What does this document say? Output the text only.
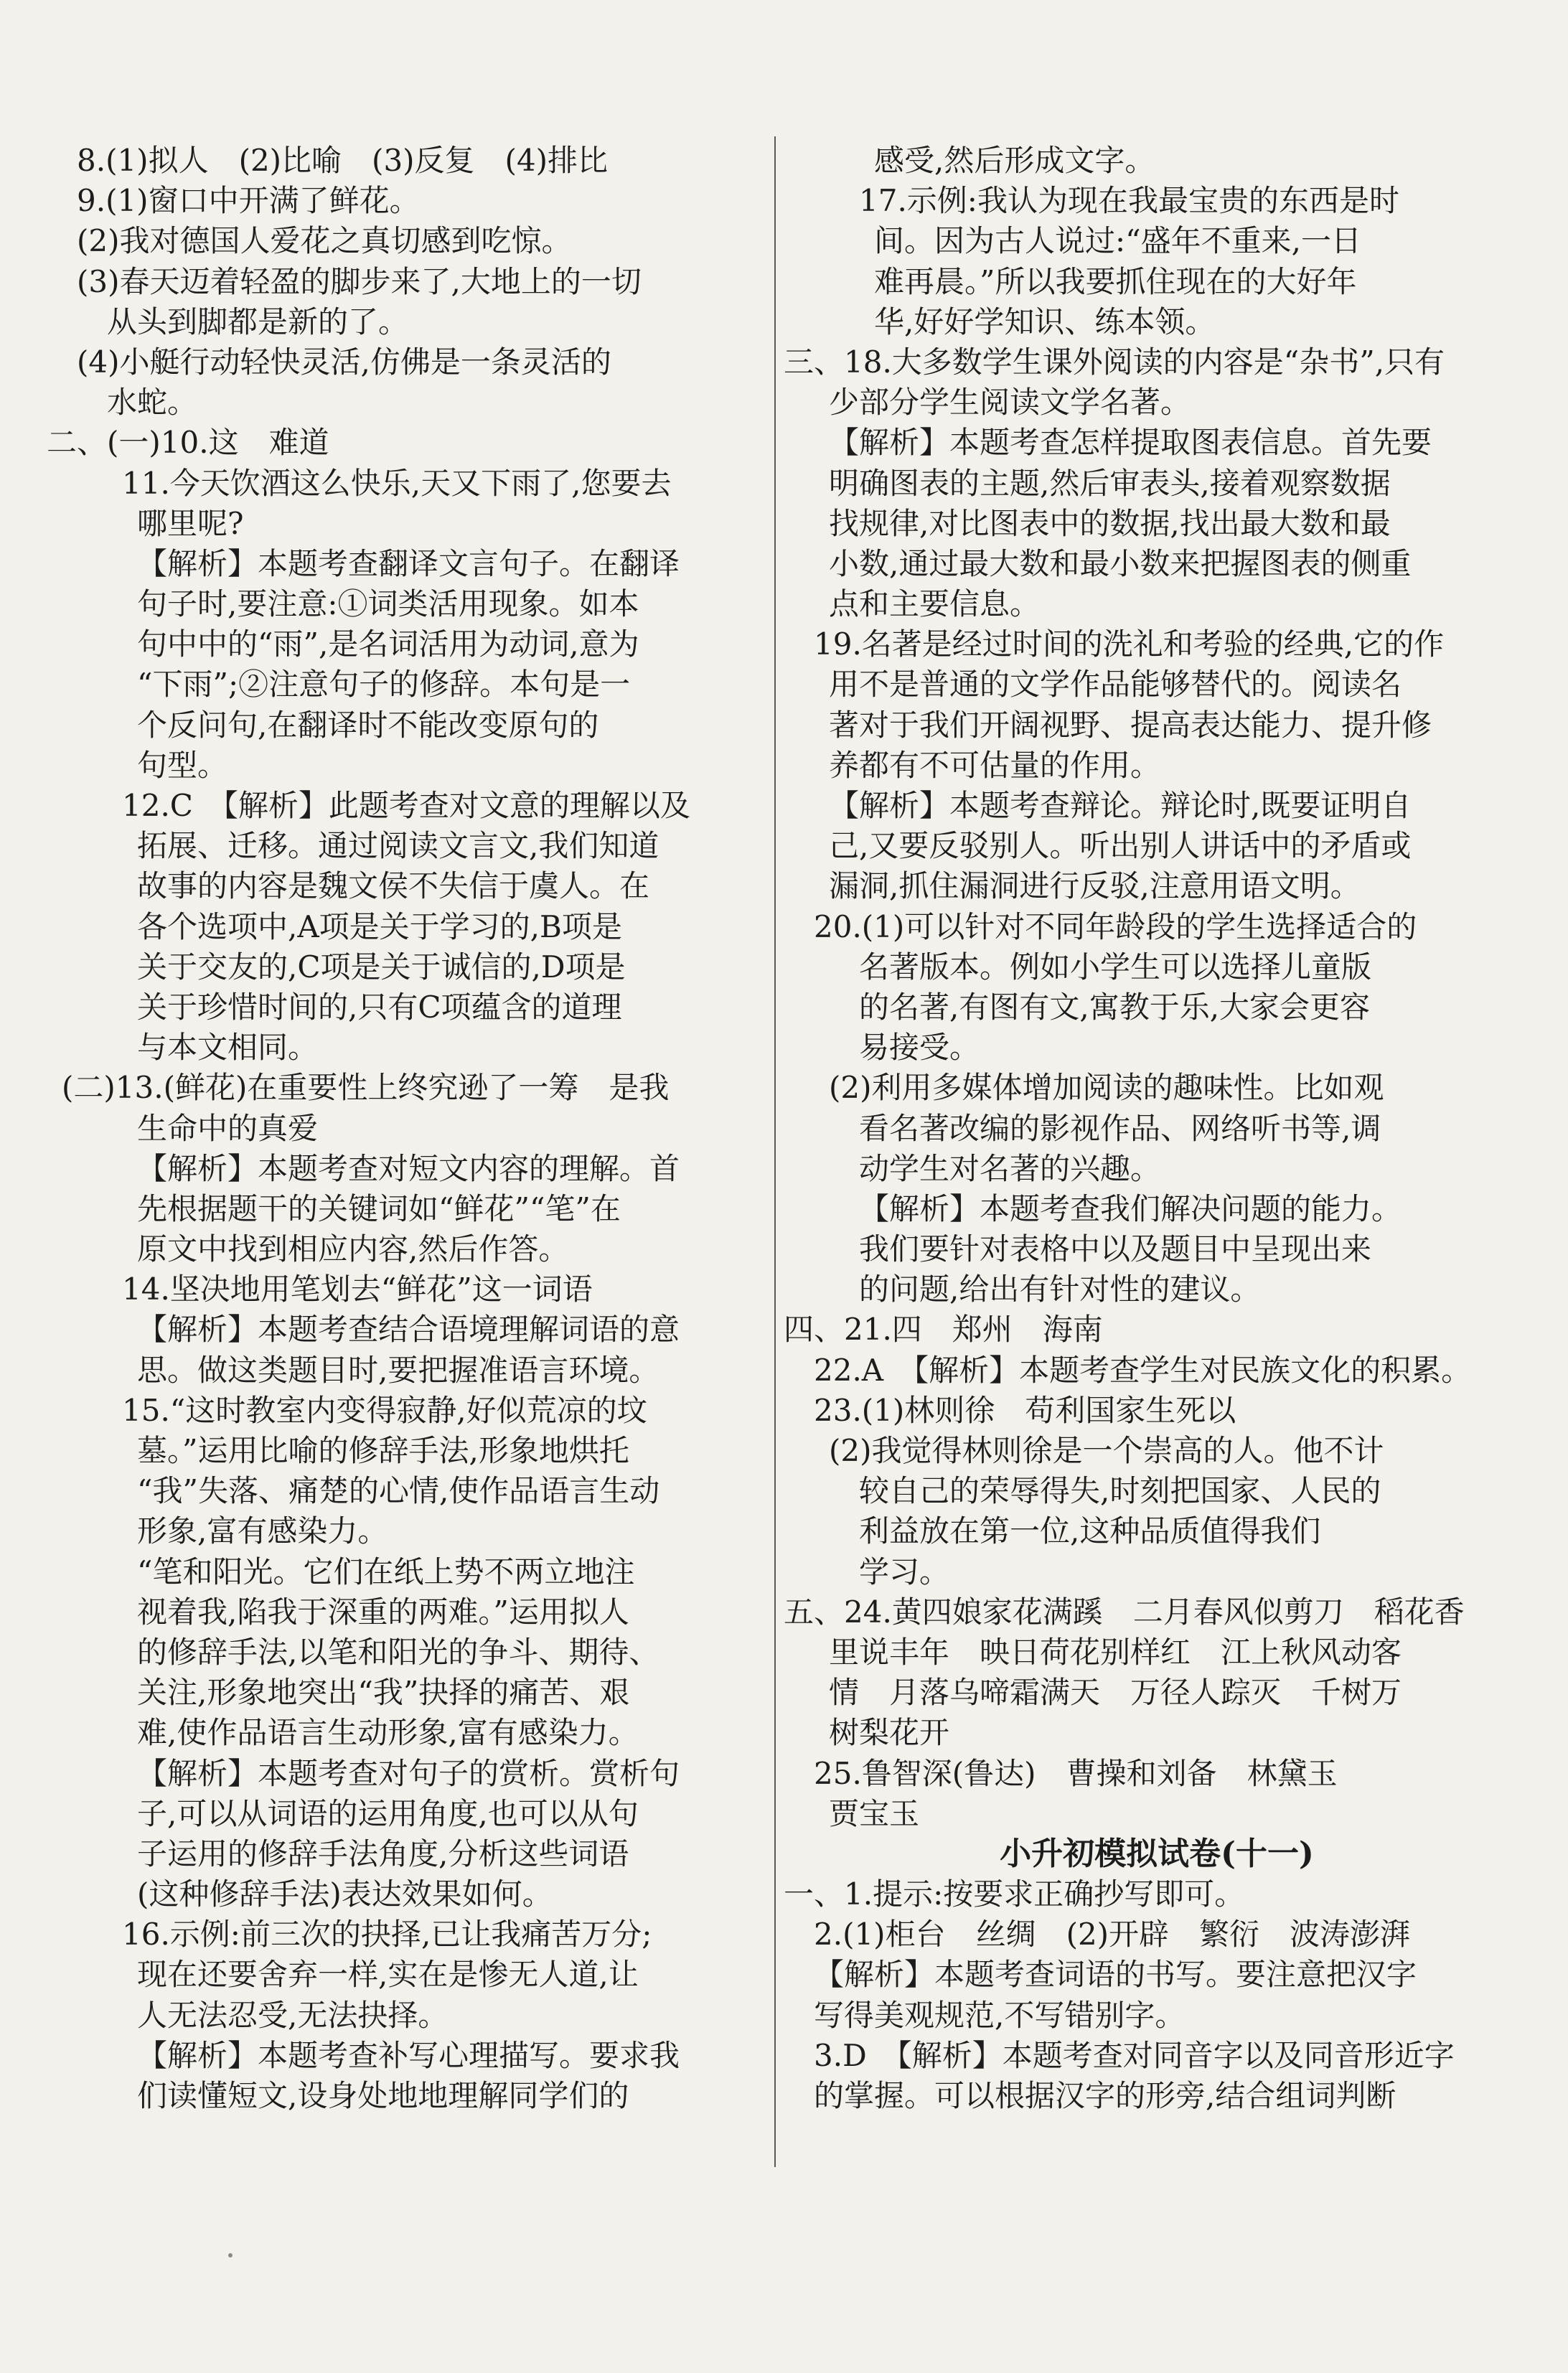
　8.(1)拟人　(2)比喻　(3)反复　(4)排比
　9.(1)窗口中开满了鲜花。
(2)我对德国人爱花之真切感到吃惊。
(3)春天迈着轻盈的脚步来了,大地上的一切
从头到脚都是新的了。
(4)小艇行动轻快灵活,仿佛是一条灵活的
水蛇。
二、(一)10.这　难道
11.今天饮酒这么快乐,天又下雨了,您要去
哪里呢?
【解析】本题考查翻译文言句子。在翻译
句子时,要注意:①词类活用现象。如本
句中中的“雨”,是名词活用为动词,意为
“下雨”;②注意句子的修辞。本句是一
个反问句,在翻译时不能改变原句的
句型。
12.C　【解析】此题考查对文意的理解以及
拓展、迁移。通过阅读文言文,我们知道
故事的内容是魏文侯不失信于虞人。在
各个选项中,A项是关于学习的,B项是
关于交友的,C项是关于诚信的,D项是
关于珍惜时间的,只有C项蕴含的道理
与本文相同。
(二)13.(鲜花)在重要性上终究逊了一筹　是我
生命中的真爱
【解析】本题考查对短文内容的理解。首
先根据题干的关键词如“鲜花”“笔”在
原文中找到相应内容,然后作答。
14.坚决地用笔划去“鲜花”这一词语
【解析】本题考查结合语境理解词语的意
思。做这类题目时,要把握准语言环境。
15.“这时教室内变得寂静,好似荒凉的坟
墓。”运用比喻的修辞手法,形象地烘托
“我”失落、痛楚的心情,使作品语言生动
形象,富有感染力。
“笔和阳光。它们在纸上势不两立地注
视着我,陷我于深重的两难。”运用拟人
的修辞手法,以笔和阳光的争斗、期待、
关注,形象地突出“我”抉择的痛苦、艰
难,使作品语言生动形象,富有感染力。
【解析】本题考查对句子的赏析。赏析句
子,可以从词语的运用角度,也可以从句
子运用的修辞手法角度,分析这些词语
(这种修辞手法)表达效果如何。
16.示例:前三次的抉择,已让我痛苦万分;
现在还要舍弃一样,实在是惨无人道,让
人无法忍受,无法抉择。
【解析】本题考查补写心理描写。要求我
们读懂短文,设身处地地理解同学们的
感受,然后形成文字。
17.示例:我认为现在我最宝贵的东西是时
间。因为古人说过:“盛年不重来,一日
难再晨。”所以我要抓住现在的大好年
华,好好学知识、练本领。
三、18.大多数学生课外阅读的内容是“杂书”,只有
少部分学生阅读文学名著。
【解析】本题考查怎样提取图表信息。首先要
明确图表的主题,然后审表头,接着观察数据
找规律,对比图表中的数据,找出最大数和最
小数,通过最大数和最小数来把握图表的侧重
点和主要信息。
19.名著是经过时间的洗礼和考验的经典,它的作
用不是普通的文学作品能够替代的。阅读名
著对于我们开阔视野、提高表达能力、提升修
养都有不可估量的作用。
【解析】本题考查辩论。辩论时,既要证明自
己,又要反驳别人。听出别人讲话中的矛盾或
漏洞,抓住漏洞进行反驳,注意用语文明。
20.(1)可以针对不同年龄段的学生选择适合的
名著版本。例如小学生可以选择儿童版
的名著,有图有文,寓教于乐,大家会更容
易接受。
(2)利用多媒体增加阅读的趣味性。比如观
看名著改编的影视作品、网络听书等,调
动学生对名著的兴趣。
【解析】本题考查我们解决问题的能力。
我们要针对表格中以及题目中呈现出来
的问题,给出有针对性的建议。
四、21.四　郑州　海南
22.A　【解析】本题考查学生对民族文化的积累。
23.(1)林则徐　苟利国家生死以
(2)我觉得林则徐是一个崇高的人。他不计
较自己的荣辱得失,时刻把国家、人民的
利益放在第一位,这种品质值得我们
学习。
五、24.黄四娘家花满蹊　二月春风似剪刀　稻花香
里说丰年　映日荷花别样红　江上秋风动客
情　月落乌啼霜满天　万径人踪灭　千树万
树梨花开
25.鲁智深(鲁达)　曹操和刘备　林黛玉
贾宝玉
小升初模拟试卷(十一)
一、1.提示:按要求正确抄写即可。
2.(1)柜台　丝绸　(2)开辟　繁衍　波涛澎湃
【解析】本题考查词语的书写。要注意把汉字
写得美观规范,不写错别字。
3.D　【解析】本题考查对同音字以及同音形近字
的掌握。可以根据汉字的形旁,结合组词判断
